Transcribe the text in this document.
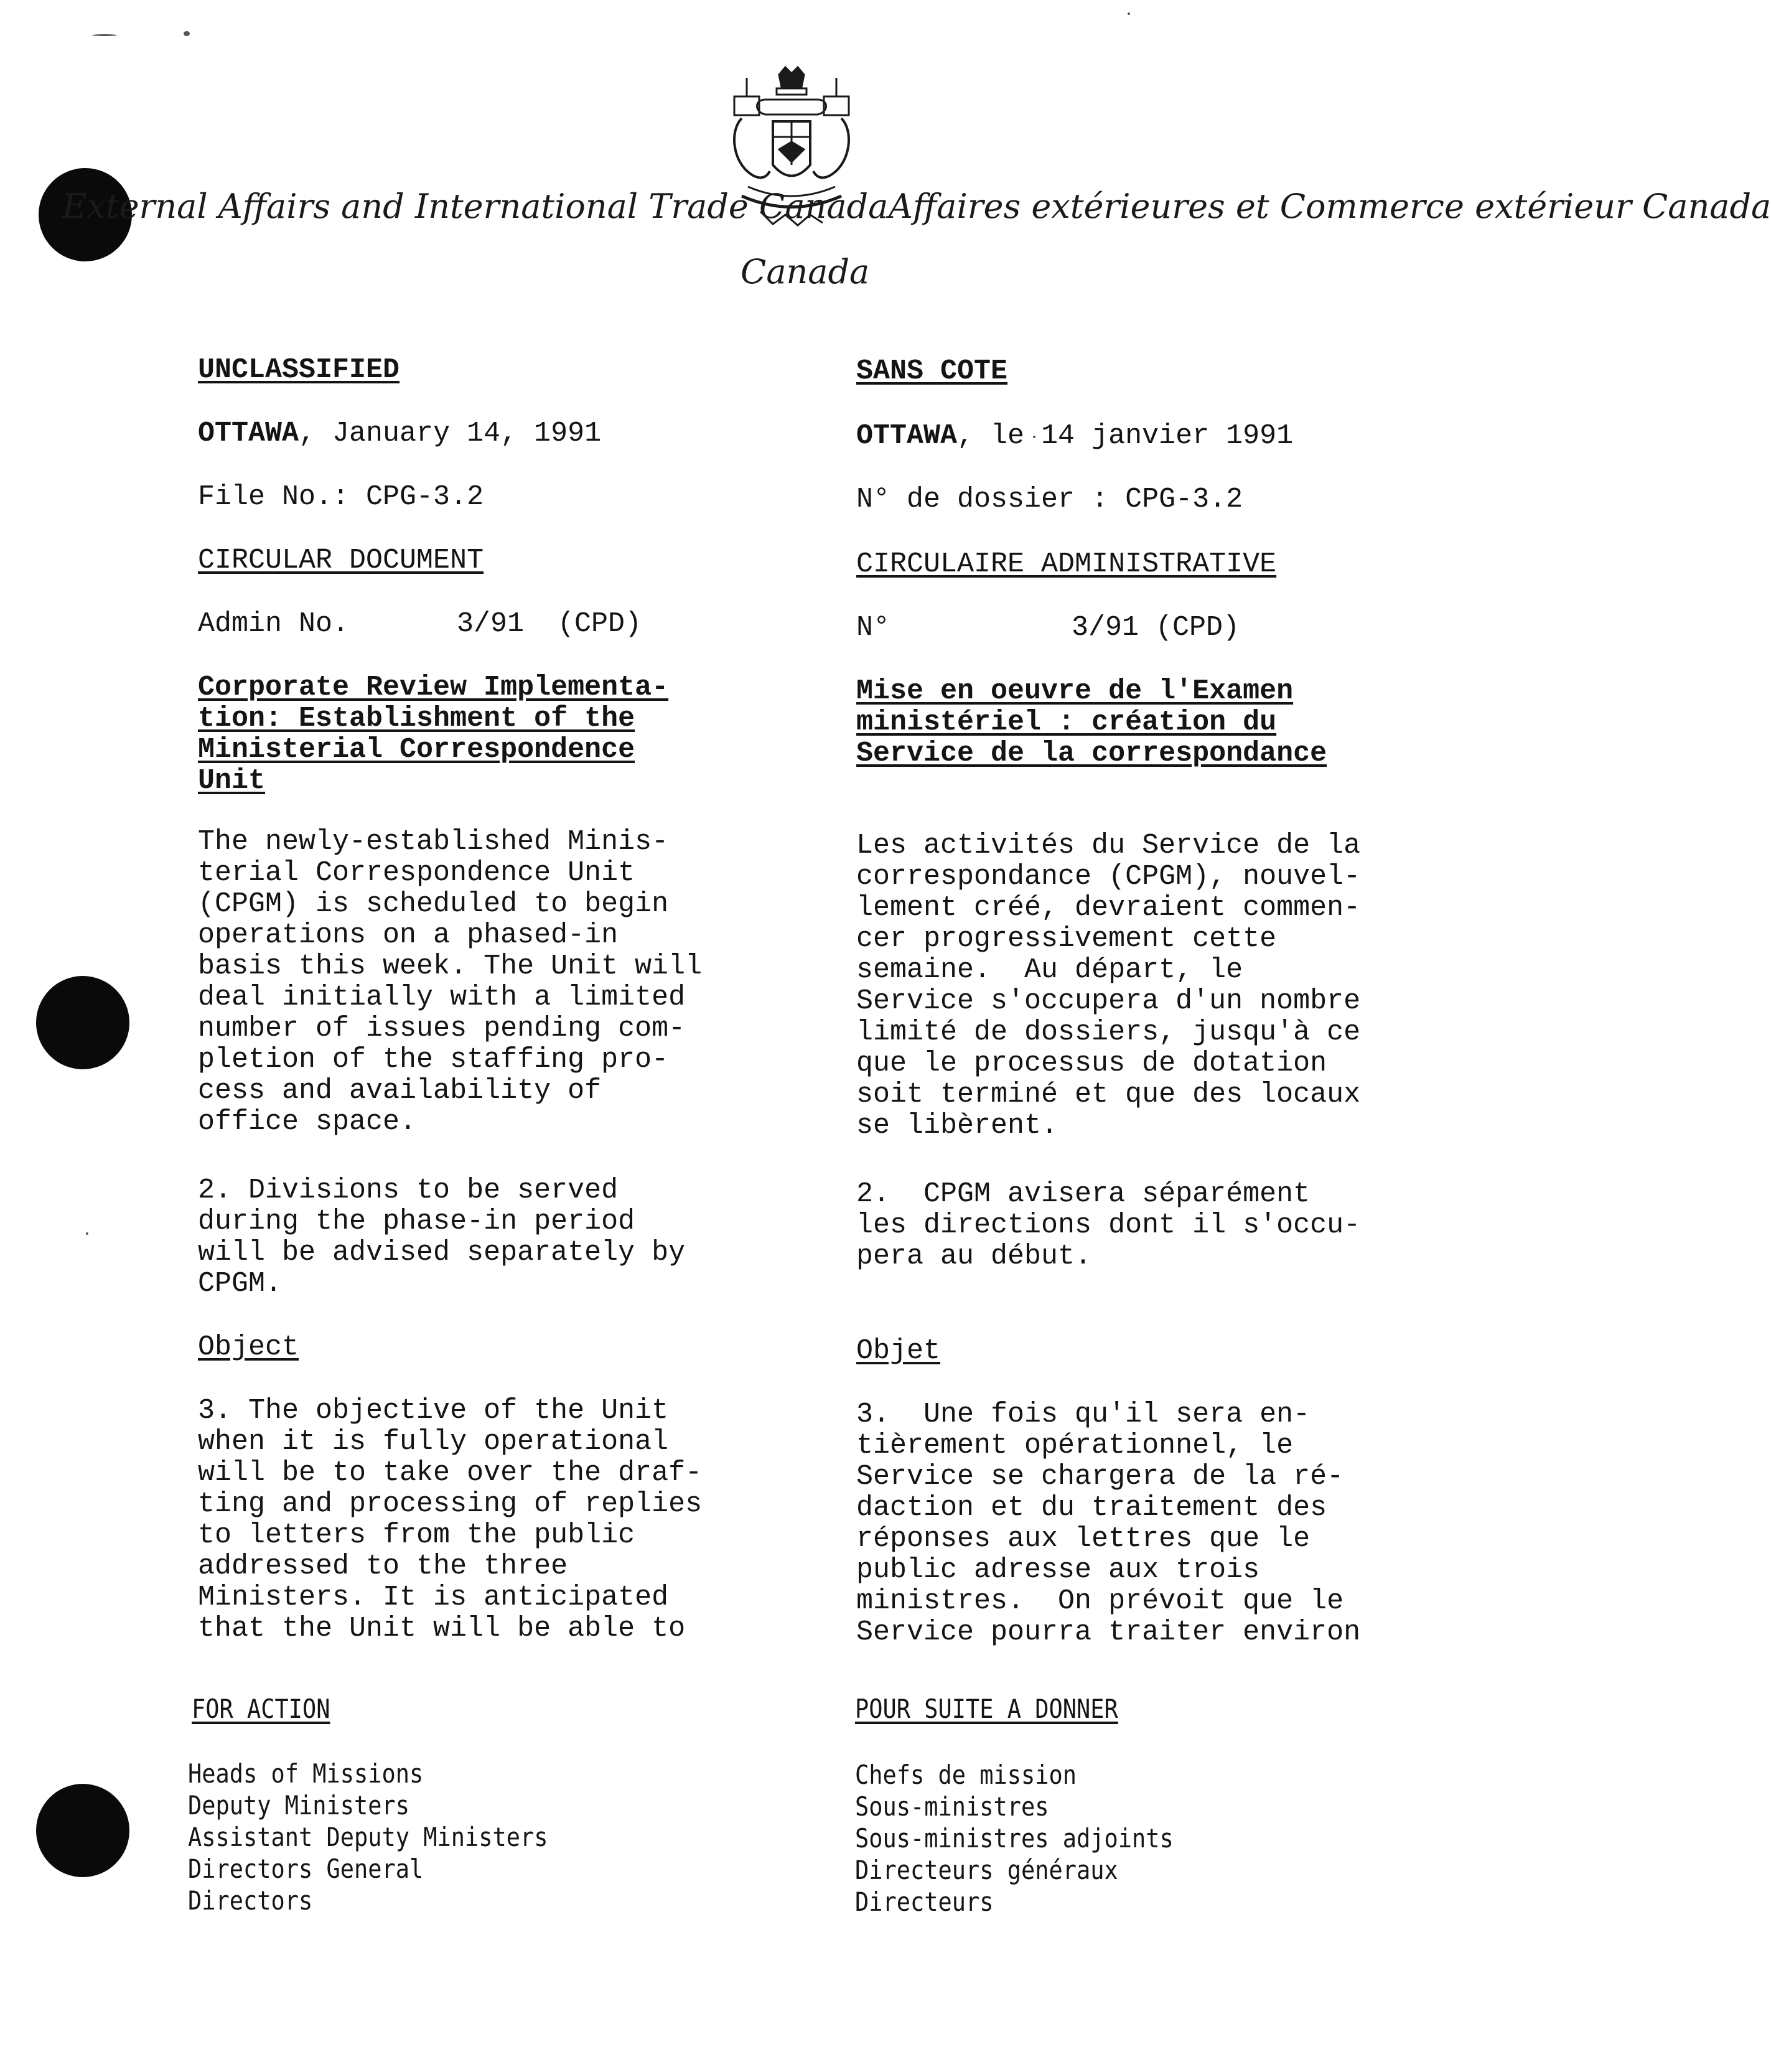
External Affairs and International Trade Canada
Canada
Affaires extérieures et Commerce extérieur Canada
UNCLASSIFIED
OTTAWA, January 14, 1991
File No.: CPG-3.2
CIRCULAR DOCUMENT
Admin No.	3/91  (CPD)
Corporate Review Implementa-
tion: Establishment of the
Ministerial Correspondence
Unit
The newly-established Minis-
terial Correspondence Unit
(CPGM) is scheduled to begin
operations on a phased-in
basis this week. The Unit will
deal initially with a limited
number of issues pending com-
pletion of the staffing pro-
cess and availability of
office space.
2. Divisions to be served
during the phase-in period
will be advised separately by
CPGM.
Object
3. The objective of the Unit
when it is fully operational
will be to take over the draf-
ting and processing of replies
to letters from the public
addressed to the three
Ministers. It is anticipated
that the Unit will be able to
FOR ACTION
Heads of Missions
Deputy Ministers
Assistant Deputy Ministers
Directors General
Directors
SANS COTE
OTTAWA, le 14 janvier 1991
N° de dossier : CPG-3.2
CIRCULAIRE ADMINISTRATIVE
N°	3/91 (CPD)
Mise en oeuvre de l'Examen
ministériel : création du
Service de la correspondance
Les activités du Service de la
correspondance (CPGM), nouvel-
lement créé, devraient commen-
cer progressivement cette
semaine.  Au départ, le
Service s'occupera d'un nombre
limité de dossiers, jusqu'à ce
que le processus de dotation
soit terminé et que des locaux
se libèrent.
2.  CPGM avisera séparément
les directions dont il s'occu-
pera au début.
Objet
3.  Une fois qu'il sera en-
tièrement opérationnel, le
Service se chargera de la ré-
daction et du traitement des
réponses aux lettres que le
public adresse aux trois
ministres.  On prévoit que le
Service pourra traiter environ
POUR SUITE A DONNER
Chefs de mission
Sous-ministres
Sous-ministres adjoints
Directeurs généraux
Directeurs
